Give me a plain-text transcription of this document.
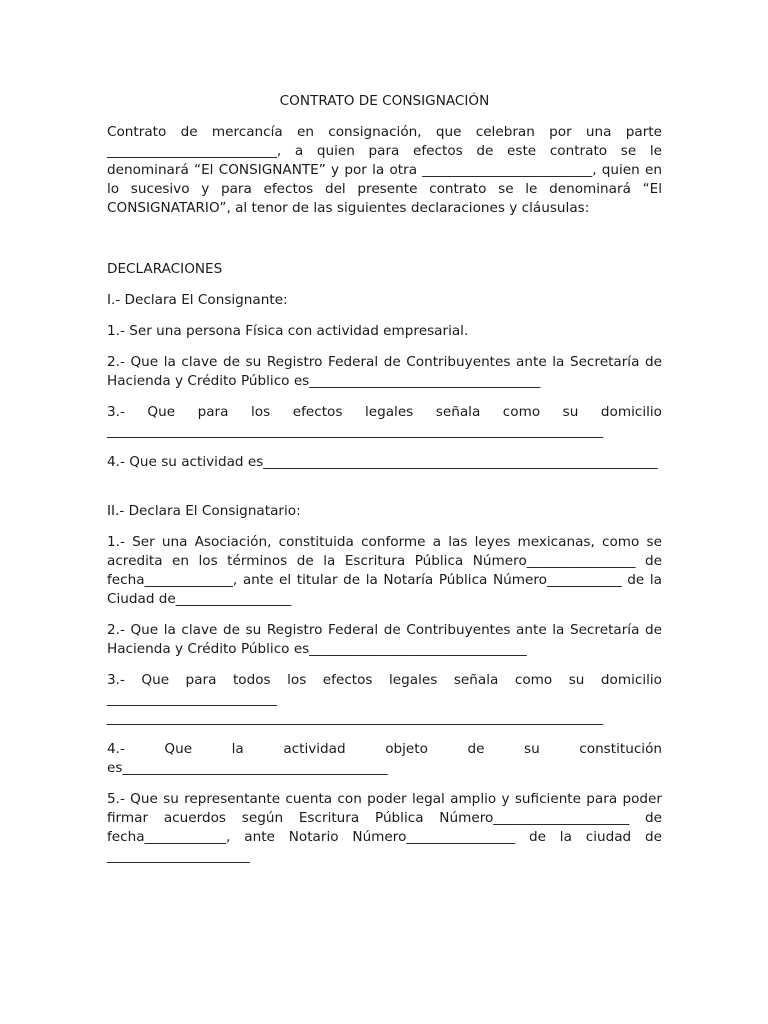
CONTRATO DE CONSIGNACIÓN

Contrato de mercancía en consignación, que celebran por una parte _________________________, a quien para efectos de este contrato se le denominará “El CONSIGNANTE” y por la otra _________________________, quien en lo sucesivo y para efectos del presente contrato se le denominará “El CONSIGNATARIO”, al tenor de las siguientes declaraciones y cláusulas:

DECLARACIONES

I.- Declara El Consignante:

1.- Ser una persona Física con actividad empresarial.

2.- Que la clave de su Registro Federal de Contribuyentes ante la Secretaría de Hacienda y Crédito Público es__________________________________

3.- Que para los efectos legales señala como su domicilio _________________________________________________________________________

4.- Que su actividad es__________________________________________________________

II.- Declara El Consignatario:

1.- Ser una Asociación, constituida conforme a las leyes mexicanas, como se acredita en los términos de la Escritura Pública Número________________ de fecha_____________, ante el titular de la Notaría Pública Número___________ de la Ciudad de_________________

2.- Que la clave de su Registro Federal de Contribuyentes ante la Secretaría de Hacienda y Crédito Público es________________________________

3.- Que para todos los efectos legales señala como su domicilio _________________________ _________________________________________________________________________

4.- Que la actividad objeto de su constitución es_______________________________________

5.- Que su representante cuenta con poder legal amplio y suficiente para poder firmar acuerdos según Escritura Pública Número____________________ de fecha____________, ante Notario Número________________ de la ciudad de _____________________
